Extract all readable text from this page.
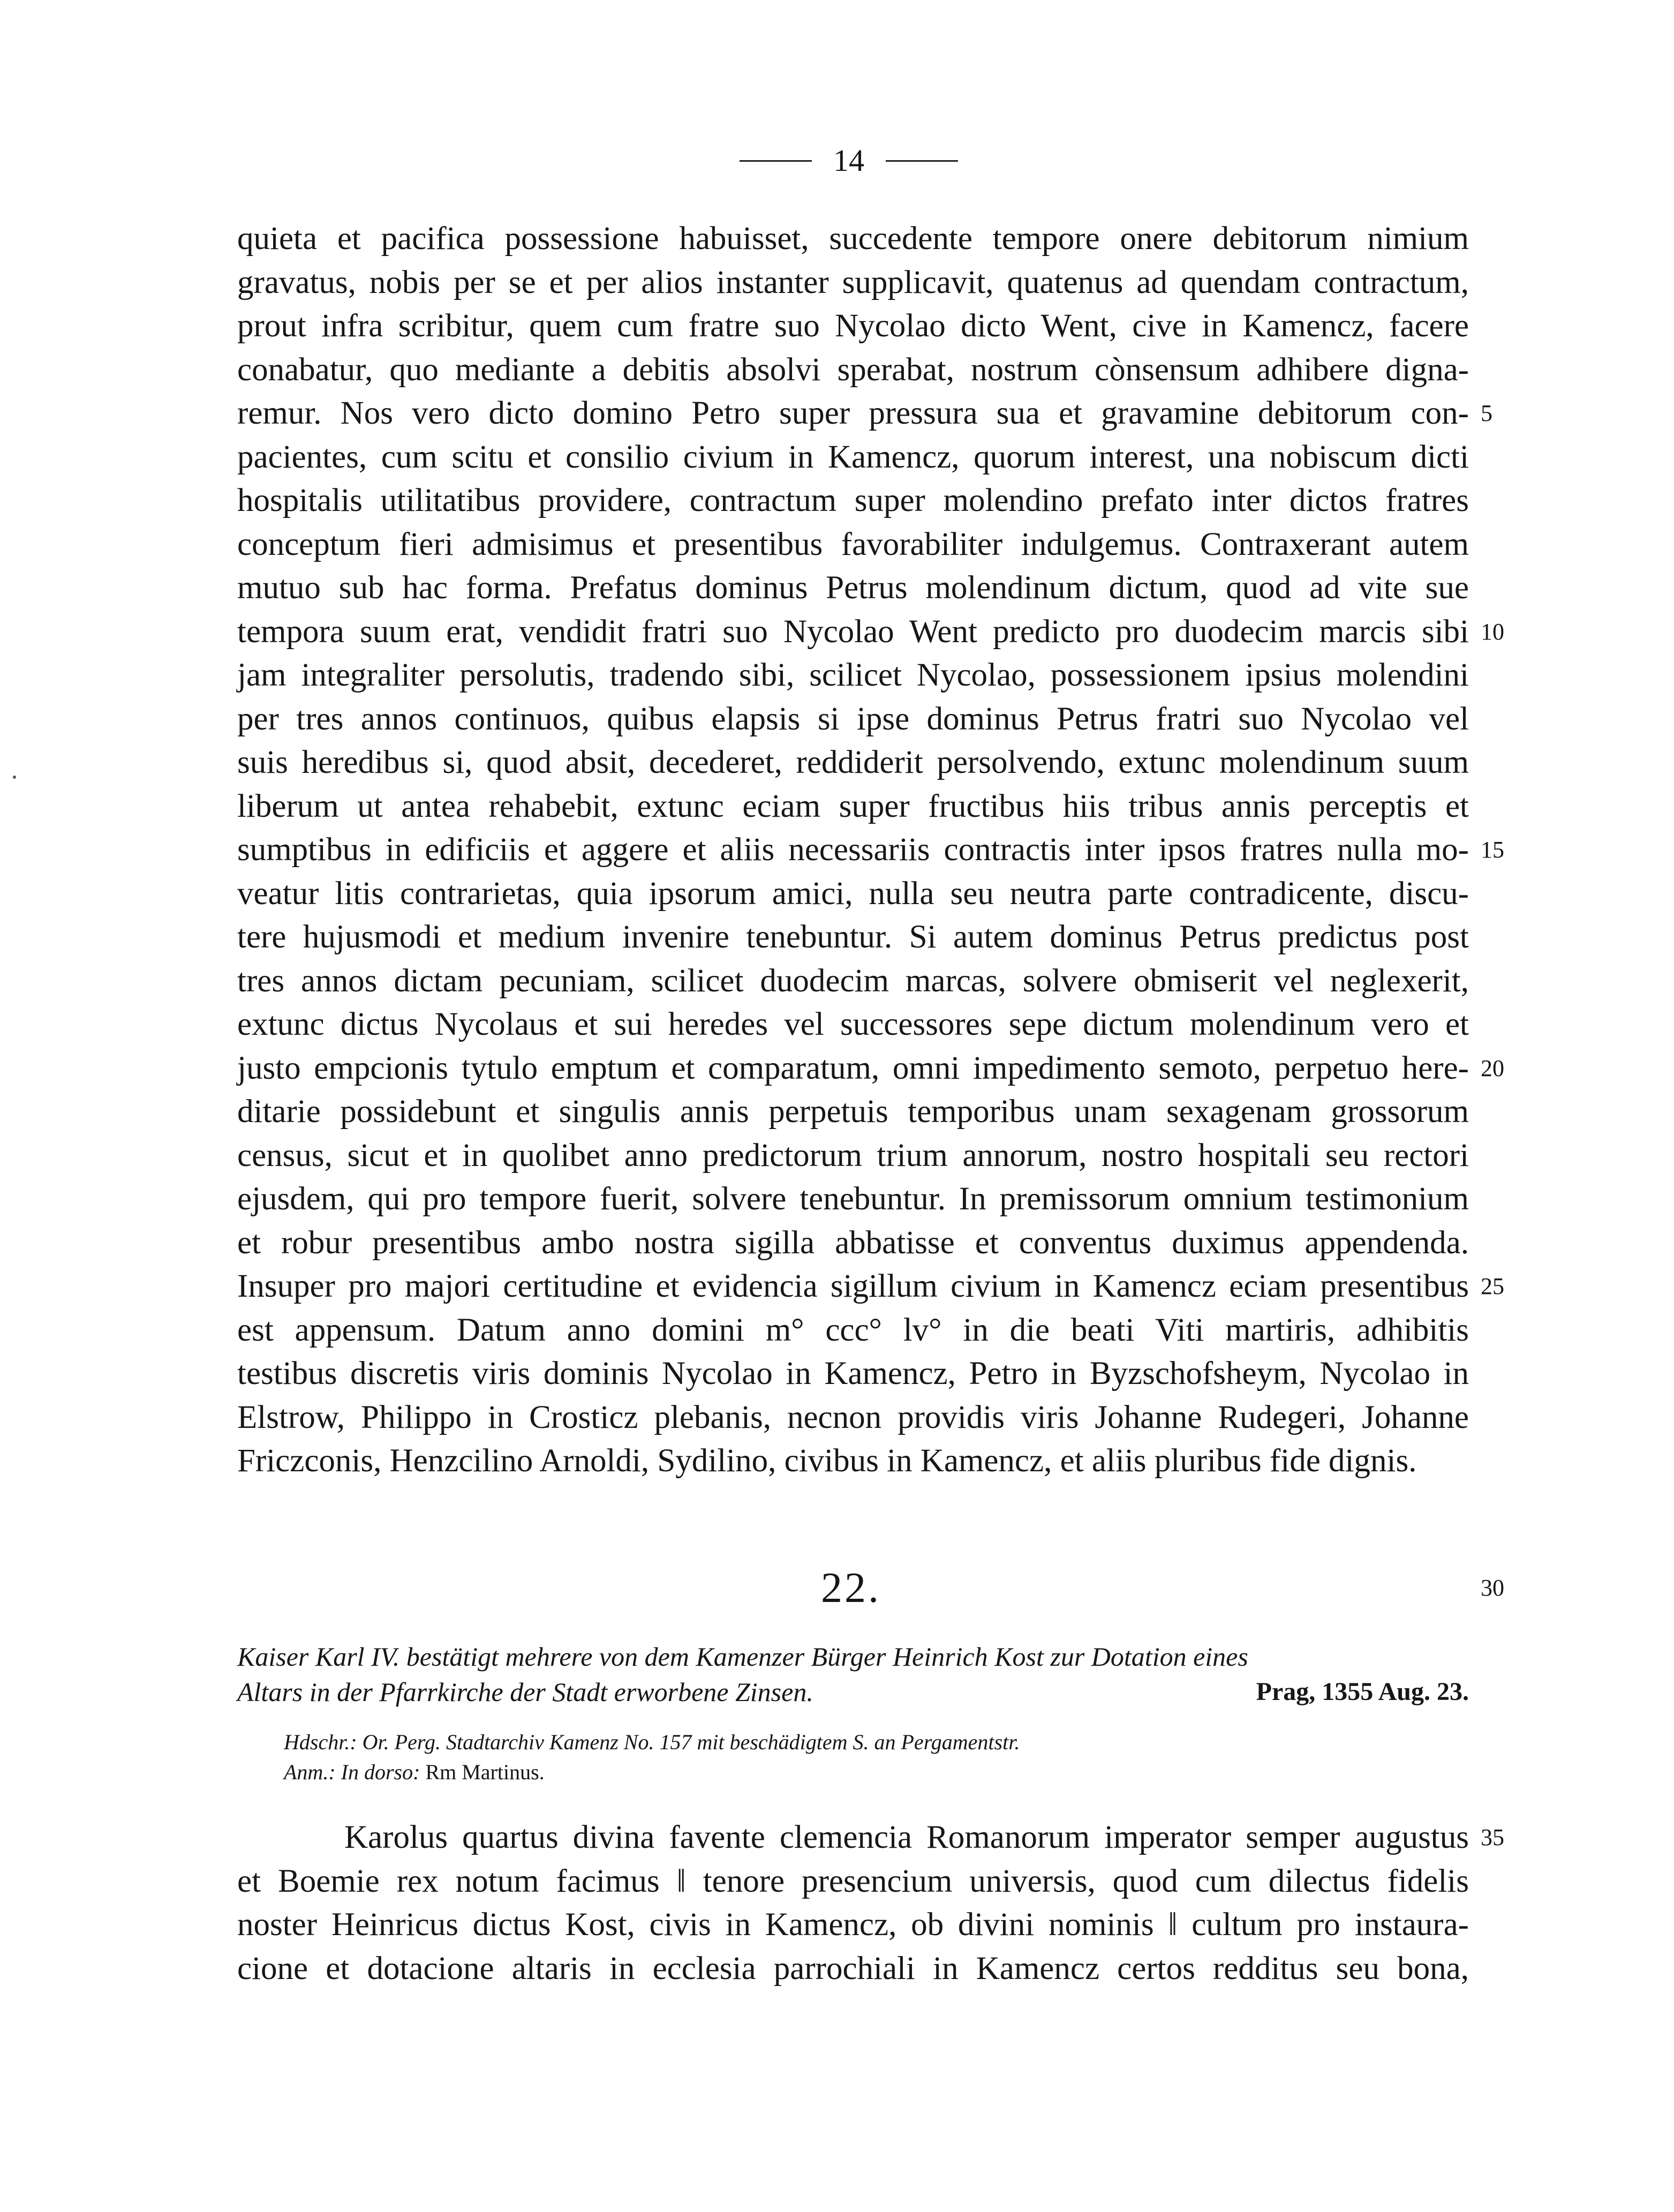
14
quieta et pacifica possessione habuisset, succedente tempore onere debitorum nimium
gravatus, nobis per se et per alios instanter supplicavit, quatenus ad quendam contractum,
prout infra scribitur, quem cum fratre suo Nycolao dicto Went, cive in Kamencz, facere
conabatur, quo mediante a debitis absolvi sperabat, nostrum cònsensum adhibere digna-
remur. Nos vero dicto domino Petro super pressura sua et gravamine debitorum con- 5
pacientes, cum scitu et consilio civium in Kamencz, quorum interest, una nobiscum dicti
hospitalis utilitatibus providere, contractum super molendino prefato inter dictos fratres
conceptum fieri admisimus et presentibus favorabiliter indulgemus. Contraxerant autem
mutuo sub hac forma. Prefatus dominus Petrus molendinum dictum, quod ad vite sue
tempora suum erat, vendidit fratri suo Nycolao Went predicto pro duodecim marcis sibi 10
jam integraliter persolutis, tradendo sibi, scilicet Nycolao, possessionem ipsius molendini
per tres annos continuos, quibus elapsis si ipse dominus Petrus fratri suo Nycolao vel
suis heredibus si, quod absit, decederet, reddiderit persolvendo, extunc molendinum suum
liberum ut antea rehabebit, extunc eciam super fructibus hiis tribus annis perceptis et
sumptibus in edificiis et aggere et aliis necessariis contractis inter ipsos fratres nulla mo- 15
veatur litis contrarietas, quia ipsorum amici, nulla seu neutra parte contradicente, discu-
tere hujusmodi et medium invenire tenebuntur. Si autem dominus Petrus predictus post
tres annos dictam pecuniam, scilicet duodecim marcas, solvere obmiserit vel neglexerit,
extunc dictus Nycolaus et sui heredes vel successores sepe dictum molendinum vero et
justo empcionis tytulo emptum et comparatum, omni impedimento semoto, perpetuo here- 20
ditarie possidebunt et singulis annis perpetuis temporibus unam sexagenam grossorum
census, sicut et in quolibet anno predictorum trium annorum, nostro hospitali seu rectori
ejusdem, qui pro tempore fuerit, solvere tenebuntur. In premissorum omnium testimonium
et robur presentibus ambo nostra sigilla abbatisse et conventus duximus appendenda.
Insuper pro majori certitudine et evidencia sigillum civium in Kamencz eciam presentibus 25
est appensum. Datum anno domini m° ccc° lv° in die beati Viti martiris, adhibitis
testibus discretis viris dominis Nycolao in Kamencz, Petro in Byzschofsheym, Nycolao in
Elstrow, Philippo in Crosticz plebanis, necnon providis viris Johanne Rudegeri, Johanne
Friczconis, Henzcilino Arnoldi, Sydilino, civibus in Kamencz, et aliis pluribus fide dignis.
22.	30
Kaiser Karl IV. bestätigt mehrere von dem Kamenzer Bürger Heinrich Kost zur Dotation eines
Altars in der Pfarrkirche der Stadt erworbene Zinsen.	Prag, 1355 Aug. 23.
Hdschr.: Or. Perg. Stadtarchiv Kamenz No. 157 mit beschädigtem S. an Pergamentstr.
Anm.: In dorso: Rm Martinus.
Karolus quartus divina favente clemencia Romanorum imperator semper augustus 35
et Boemie rex notum facimus ‖ tenore presencium universis, quod cum dilectus fidelis
noster Heinricus dictus Kost, civis in Kamencz, ob divini nominis ‖ cultum pro instaura-
cione et dotacione altaris in ecclesia parrochiali in Kamencz certos redditus seu bona,
